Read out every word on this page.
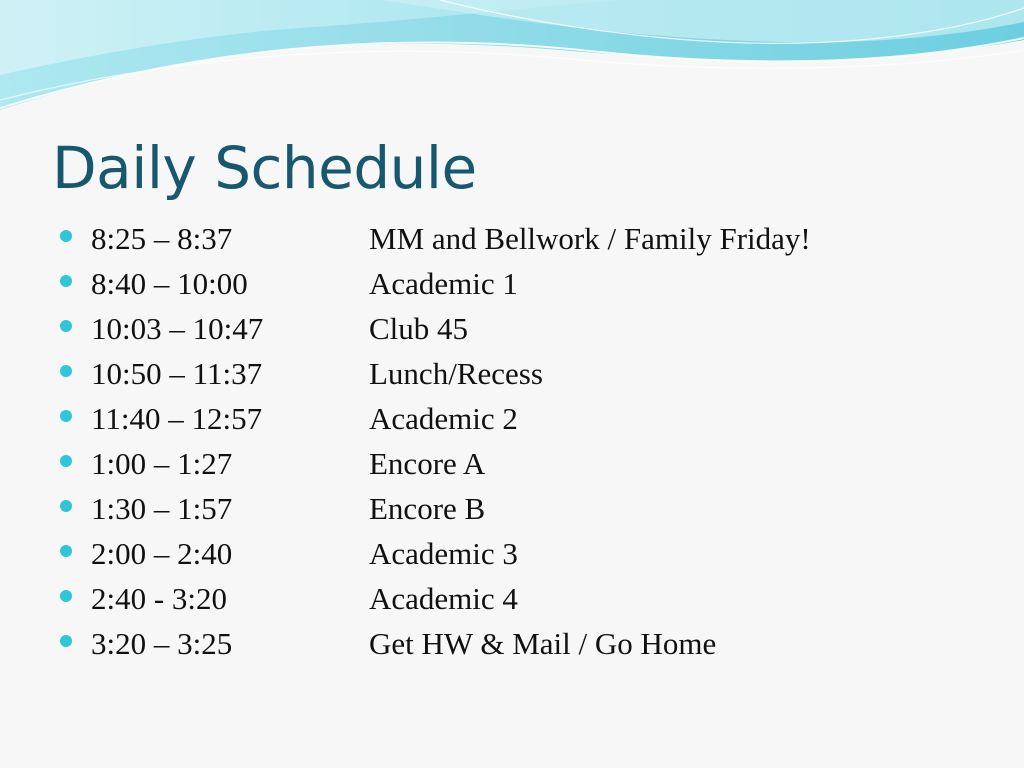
Daily Schedule
8:25 – 8:37	MM and Bellwork / Family Friday!
8:40 – 10:00	Academic 1
10:03 – 10:47	Club 45
10:50 – 11:37	Lunch/Recess
11:40 – 12:57	Academic 2
1:00 – 1:27	Encore A
1:30 – 1:57	Encore B
2:00 – 2:40	Academic 3
2:40 - 3:20	Academic 4
3:20 – 3:25	Get HW & Mail / Go Home
